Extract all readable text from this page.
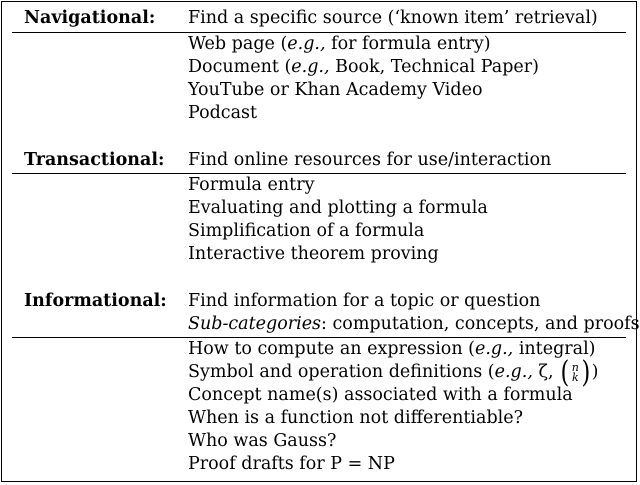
Navigational: Find a specific source (‘known item’ retrieval)
Web page (e.g., for formula entry)
Document (e.g., Book, Technical Paper)
YouTube or Khan Academy Video
Podcast
Transactional: Find online resources for use/interaction
Formula entry
Evaluating and plotting a formula
Simplification of a formula
Interactive theorem proving
Informational: Find information for a topic or question
Sub-categories: computation, concepts, and proofs
How to compute an expression (e.g., integral)
Symbol and operation definitions (e.g., ζ, ( n
k ) )
Concept name(s) associated with a formula
When is a function not differentiable?
Who was Gauss?
Proof drafts for P = NP
